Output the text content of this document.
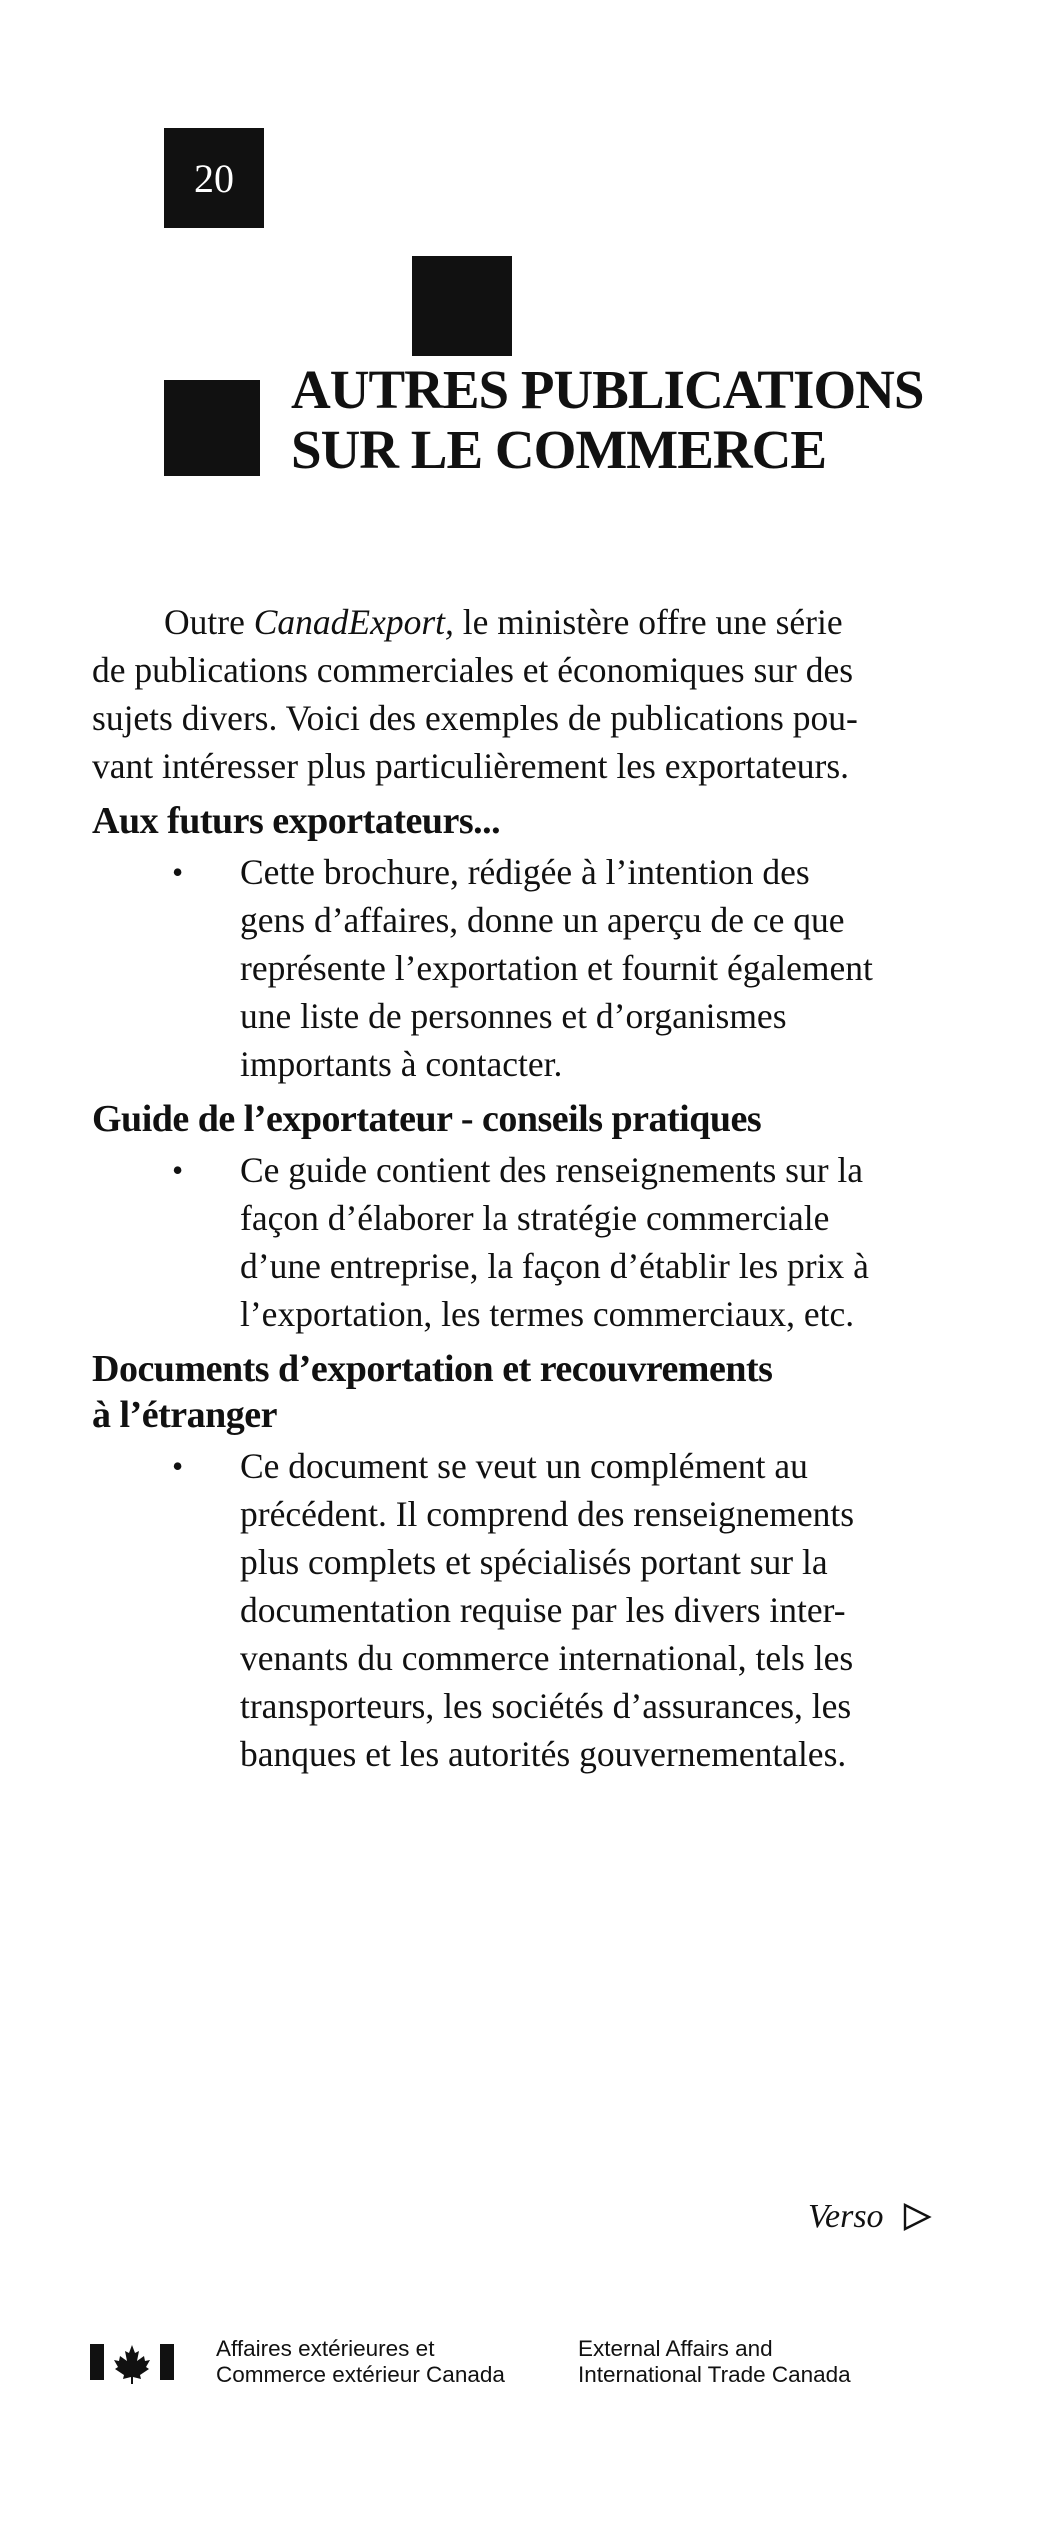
20
AUTRES PUBLICATIONS
SUR LE COMMERCE

Outre CanadExport, le ministère offre une série
de publications commerciales et économiques sur des
sujets divers. Voici des exemples de publications pou-
vant intéresser plus particulièrement les exportateurs.

Aux futurs exportateurs...
• Cette brochure, rédigée à l’intention des
gens d’affaires, donne un aperçu de ce que
représente l’exportation et fournit également
une liste de personnes et d’organismes
importants à contacter.
Guide de l’exportateur - conseils pratiques
• Ce guide contient des renseignements sur la
façon d’élaborer la stratégie commerciale
d’une entreprise, la façon d’établir les prix à
l’exportation, les termes commerciaux, etc.
Documents d’exportation et recouvrements
à l’étranger
• Ce document se veut un complément au
précédent. Il comprend des renseignements
plus complets et spécialisés portant sur la
documentation requise par les divers inter-
venants du commerce international, tels les
transporteurs, les sociétés d’assurances, les
banques et les autorités gouvernementales.
Verso
Affaires extérieures et
Commerce extérieur Canada
External Affairs and
International Trade Canada
